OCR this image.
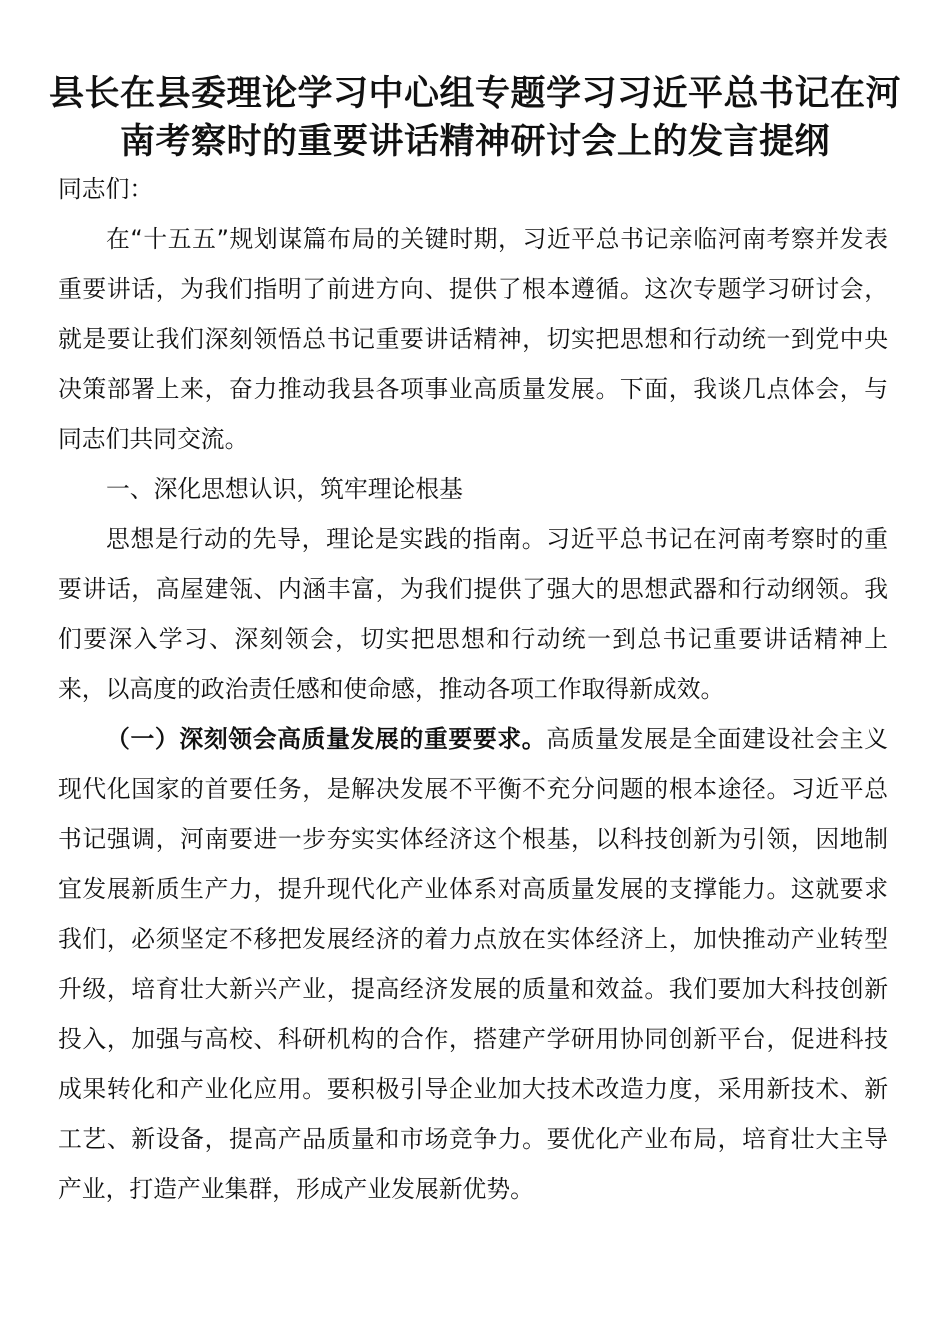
县长在县委理论学习中心组专题学习习近平总书记在河南考察时的重要讲话精神研讨会上的发言提纲

同志们：

在“十五五”规划谋篇布局的关键时期，习近平总书记亲临河南考察并发表重要讲话，为我们指明了前进方向、提供了根本遵循。这次专题学习研讨会，就是要让我们深刻领悟总书记重要讲话精神，切实把思想和行动统一到党中央决策部署上来，奋力推动我县各项事业高质量发展。下面，我谈几点体会，与同志们共同交流。

一、深化思想认识，筑牢理论根基

思想是行动的先导，理论是实践的指南。习近平总书记在河南考察时的重要讲话，高屋建瓴、内涵丰富，为我们提供了强大的思想武器和行动纲领。我们要深入学习、深刻领会，切实把思想和行动统一到总书记重要讲话精神上来，以高度的政治责任感和使命感，推动各项工作取得新成效。

（一）深刻领会高质量发展的重要要求。高质量发展是全面建设社会主义现代化国家的首要任务，是解决发展不平衡不充分问题的根本途径。习近平总书记强调，河南要进一步夯实实体经济这个根基，以科技创新为引领，因地制宜发展新质生产力，提升现代化产业体系对高质量发展的支撑能力。这就要求我们，必须坚定不移把发展经济的着力点放在实体经济上，加快推动产业转型升级，培育壮大新兴产业，提高经济发展的质量和效益。我们要加大科技创新投入，加强与高校、科研机构的合作，搭建产学研用协同创新平台，促进科技成果转化和产业化应用。要积极引导企业加大技术改造力度，采用新技术、新工艺、新设备，提高产品质量和市场竞争力。要优化产业布局，培育壮大主导产业，打造产业集群，形成产业发展新优势。
